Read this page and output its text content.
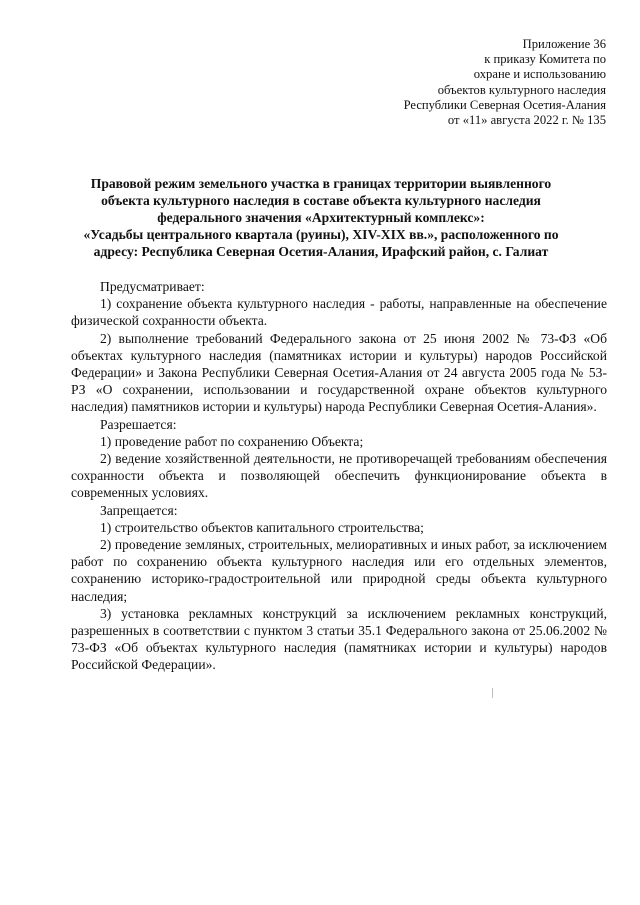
Приложение 36
к приказу Комитета по
охране и использованию
объектов культурного наследия
Республики Северная Осетия-Алания
от «11» августа 2022 г. № 135
Правовой режим земельного участка в границах территории выявленного
объекта культурного наследия в составе объекта культурного наследия
федерального значения «Архитектурный комплекс»:
«Усадьбы центрального квартала (руины), XIV-XIX вв.», расположенного по
адресу: Республика Северная Осетия-Алания, Ирафский район, с. Галиат

Предусматривает:

1) сохранение объекта культурного наследия - работы, направленные на обеспечение физической сохранности объекта.

2) выполнение требований Федерального закона от 25 июня 2002 № 73-ФЗ «Об объектах культурного наследия (памятниках истории и культуры) народов Российской Федерации» и Закона Республики Северная Осетия-Алания от 24 августа 2005 года № 53-РЗ «О сохранении, использовании и государственной охране объектов культурного наследия) памятников истории и культуры) народа Республики Северная Осетия-Алания».

Разрешается:

1) проведение работ по сохранению Объекта;

2) ведение хозяйственной деятельности, не противоречащей требованиям обеспечения сохранности объекта и позволяющей обеспечить функционирование объекта в современных условиях.

Запрещается:

1) строительство объектов капитального строительства;

2) проведение земляных, строительных, мелиоративных и иных работ, за исключением работ по сохранению объекта культурного наследия или его отдельных элементов, сохранению историко-градостроительной или природной среды объекта культурного наследия;

3) установка рекламных конструкций за исключением рекламных конструкций, разрешенных в соответствии с пунктом 3 статьи 35.1 Федерального закона от 25.06.2002 № 73-ФЗ «Об объектах культурного наследия (памятниках истории и культуры) народов Российской Федерации».
